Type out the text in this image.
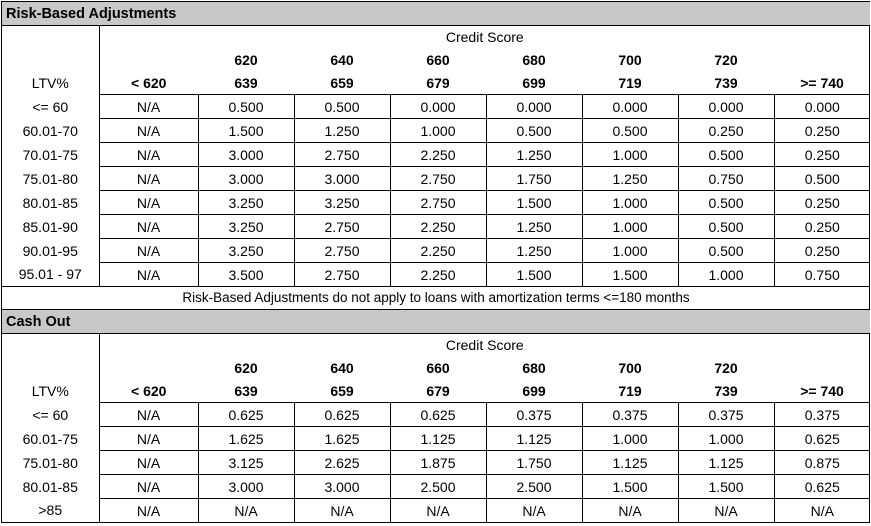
Risk-Based Adjustments								
	Credit Score							
		620	640	660	680	700	720	
LTV%	< 620	639	659	679	699	719	739	>= 740
<= 60	N/A	0.500	0.500	0.000	0.000	0.000	0.000	0.000
60.01-70	N/A	1.500	1.250	1.000	0.500	0.500	0.250	0.250
70.01-75	N/A	3.000	2.750	2.250	1.250	1.000	0.500	0.250
75.01-80	N/A	3.000	3.000	2.750	1.750	1.250	0.750	0.500
80.01-85	N/A	3.250	3.250	2.750	1.500	1.000	0.500	0.250
85.01-90	N/A	3.250	2.750	2.250	1.250	1.000	0.500	0.250
90.01-95	N/A	3.250	2.750	2.250	1.250	1.000	0.500	0.250
95.01 - 97	N/A	3.500	2.750	2.250	1.500	1.500	1.000	0.750
Risk-Based Adjustments do not apply to loans with amortization terms <=180 months								
Cash Out								
	Credit Score							
		620	640	660	680	700	720	
LTV%	< 620	639	659	679	699	719	739	>= 740
<= 60	N/A	0.625	0.625	0.625	0.375	0.375	0.375	0.375
60.01-75	N/A	1.625	1.625	1.125	1.125	1.000	1.000	0.625
75.01-80	N/A	3.125	2.625	1.875	1.750	1.125	1.125	0.875
80.01-85	N/A	3.000	3.000	2.500	2.500	1.500	1.500	0.625
>85	N/A	N/A	N/A	N/A	N/A	N/A	N/A	N/A
